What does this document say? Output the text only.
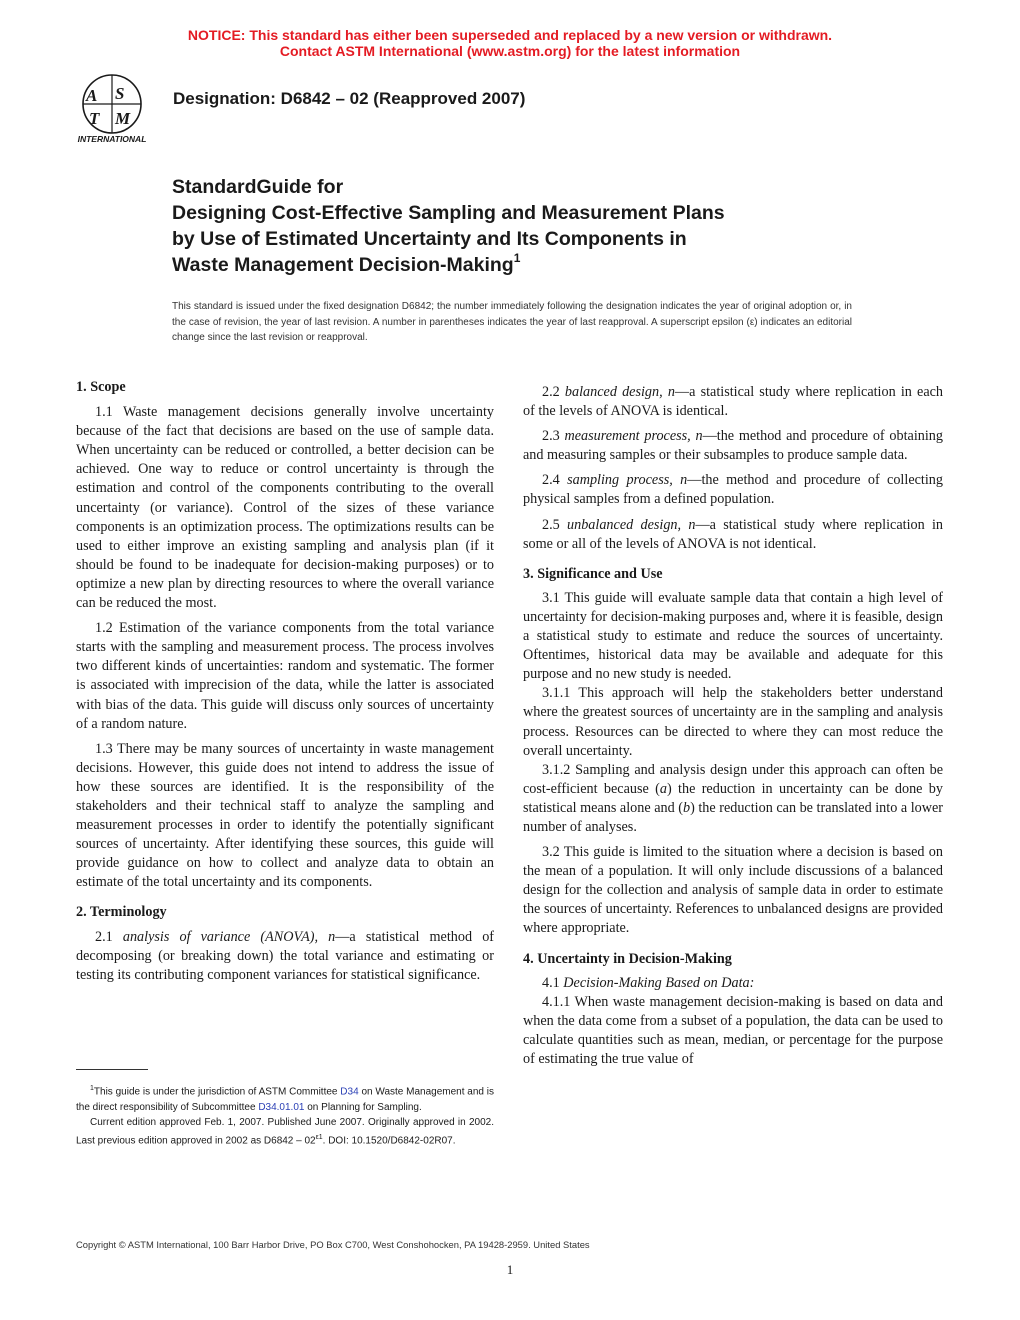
NOTICE: This standard has either been superseded and replaced by a new version or withdrawn.
Contact ASTM International (www.astm.org) for the latest information
A S
T M
INTERNATIONAL
Designation: D6842 – 02 (Reapproved 2007)
StandardGuide for
Designing Cost-Effective Sampling and Measurement Plans
by Use of Estimated Uncertainty and Its Components in
Waste Management Decision-Making$^1$
This standard is issued under the fixed designation D6842; the number immediately following the designation indicates the year of original adoption or, in the case of revision, the year of last revision. A number in parentheses indicates the year of last reapproval. A superscript epsilon (ε) indicates an editorial change since the last revision or reapproval.
1. Scope

1.1 Waste management decisions generally involve uncertainty because of the fact that decisions are based on the use of sample data. When uncertainty can be reduced or controlled, a better decision can be achieved. One way to reduce or control uncertainty is through the estimation and control of the components contributing to the overall uncertainty (or variance). Control of the sizes of these variance components is an optimization process. The optimizations results can be used to either improve an existing sampling and analysis plan (if it should be found to be inadequate for decision-making purposes) or to optimize a new plan by directing resources to where the overall variance can be reduced the most.

1.2 Estimation of the variance components from the total variance starts with the sampling and measurement process. The process involves two different kinds of uncertainties: random and systematic. The former is associated with imprecision of the data, while the latter is associated with bias of the data. This guide will discuss only sources of uncertainty of a random nature.

1.3 There may be many sources of uncertainty in waste management decisions. However, this guide does not intend to address the issue of how these sources are identified. It is the responsibility of the stakeholders and their technical staff to analyze the sampling and measurement processes in order to identify the potentially significant sources of uncertainty. After identifying these sources, this guide will provide guidance on how to collect and analyze data to obtain an estimate of the total uncertainty and its components.

2. Terminology

2.1 analysis of variance (ANOVA), n—a statistical method of decomposing (or breaking down) the total variance and estimating or testing its contributing component variances for statistical significance.

2.2 balanced design, n—a statistical study where replication in each of the levels of ANOVA is identical.

2.3 measurement process, n—the method and procedure of obtaining and measuring samples or their subsamples to produce sample data.

2.4 sampling process, n—the method and procedure of collecting physical samples from a defined population.

2.5 unbalanced design, n—a statistical study where replication in some or all of the levels of ANOVA is not identical.

3. Significance and Use

3.1 This guide will evaluate sample data that contain a high level of uncertainty for decision-making purposes and, where it is feasible, design a statistical study to estimate and reduce the sources of uncertainty. Oftentimes, historical data may be available and adequate for this purpose and no new study is needed.

3.1.1 This approach will help the stakeholders better understand where the greatest sources of uncertainty are in the sampling and analysis process. Resources can be directed to where they can most reduce the overall uncertainty.

3.1.2 Sampling and analysis design under this approach can often be cost-efficient because (a) the reduction in uncertainty can be done by statistical means alone and (b) the reduction can be translated into a lower number of analyses.

3.2 This guide is limited to the situation where a decision is based on the mean of a population. It will only include discussions of a balanced design for the collection and analysis of sample data in order to estimate the sources of uncertainty. References to unbalanced designs are provided where appropriate.

4. Uncertainty in Decision-Making

4.1 Decision-Making Based on Data:

4.1.1 When waste management decision-making is based on data and when the data come from a subset of a population, the data can be used to calculate quantities such as mean, median, or percentage for the purpose of estimating the true value of

$^1$This guide is under the jurisdiction of ASTM Committee D34 on Waste Management and is the direct responsibility of Subcommittee D34.01.01 on Planning for Sampling.

Current edition approved Feb. 1, 2007. Published June 2007. Originally approved in 2002. Last previous edition approved in 2002 as $D6842 - 02^{\varepsilon 1}$. DOI: 10.1520/D6842-02R07.

Copyright © ASTM International, 100 Barr Harbor Drive, PO Box C700, West Conshohocken, PA 19428-2959. United States
1
